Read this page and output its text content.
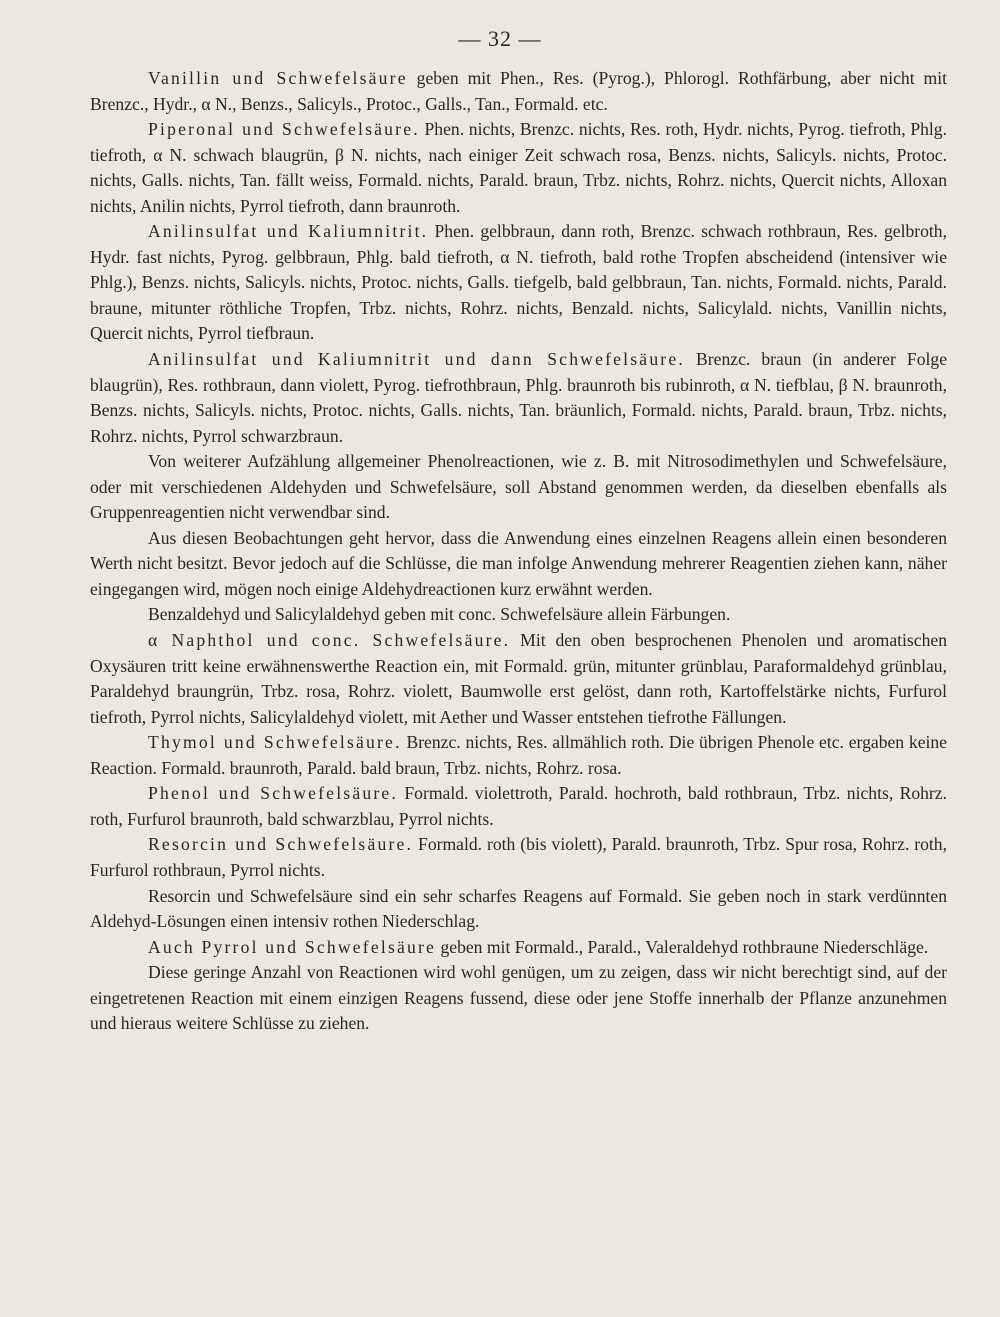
— 32 —

Vanillin und Schwefelsäure geben mit Phen., Res. (Pyrog.), Phlorogl. Rothfärbung, aber nicht mit Brenzc., Hydr., α N., Benzs., Salicyls., Protoc., Galls., Tan., Formald. etc.

Piperonal und Schwefelsäure. Phen. nichts, Brenzc. nichts, Res. roth, Hydr. nichts, Pyrog. tiefroth, Phlg. tiefroth, α N. schwach blaugrün, β N. nichts, nach einiger Zeit schwach rosa, Benzs. nichts, Salicyls. nichts, Protoc. nichts, Galls. nichts, Tan. fällt weiss, Formald. nichts, Parald. braun, Trbz. nichts, Rohrz. nichts, Quercit nichts, Alloxan nichts, Anilin nichts, Pyrrol tiefroth, dann braunroth.

Anilinsulfat und Kaliumnitrit. Phen. gelbbraun, dann roth, Brenzc. schwach rothbraun, Res. gelbroth, Hydr. fast nichts, Pyrog. gelbbraun, Phlg. bald tiefroth, α N. tiefroth, bald rothe Tropfen abscheidend (intensiver wie Phlg.), Benzs. nichts, Salicyls. nichts, Protoc. nichts, Galls. tiefgelb, bald gelbbraun, Tan. nichts, Formald. nichts, Parald. braune, mitunter röthliche Tropfen, Trbz. nichts, Rohrz. nichts, Benzald. nichts, Salicylald. nichts, Vanillin nichts, Quercit nichts, Pyrrol tiefbraun.

Anilinsulfat und Kaliumnitrit und dann Schwefelsäure. Brenzc. braun (in anderer Folge blaugrün), Res. rothbraun, dann violett, Pyrog. tiefrothbraun, Phlg. braunroth bis rubinroth, α N. tiefblau, β N. braunroth, Benzs. nichts, Salicyls. nichts, Protoc. nichts, Galls. nichts, Tan. bräunlich, Formald. nichts, Parald. braun, Trbz. nichts, Rohrz. nichts, Pyrrol schwarzbraun.

Von weiterer Aufzählung allgemeiner Phenolreactionen, wie z. B. mit Nitrosodimethylen und Schwefelsäure, oder mit verschiedenen Aldehyden und Schwefelsäure, soll Abstand genommen werden, da dieselben ebenfalls als Gruppenreagentien nicht verwendbar sind.

Aus diesen Beobachtungen geht hervor, dass die Anwendung eines einzelnen Reagens allein einen besonderen Werth nicht besitzt. Bevor jedoch auf die Schlüsse, die man infolge Anwendung mehrerer Reagentien ziehen kann, näher eingegangen wird, mögen noch einige Aldehydreactionen kurz erwähnt werden.

Benzaldehyd und Salicylaldehyd geben mit conc. Schwefelsäure allein Färbungen.

α Naphthol und conc. Schwefelsäure. Mit den oben besprochenen Phenolen und aromatischen Oxysäuren tritt keine erwähnenswerthe Reaction ein, mit Formald. grün, mitunter grünblau, Paraformaldehyd grünblau, Paraldehyd braungrün, Trbz. rosa, Rohrz. violett, Baumwolle erst gelöst, dann roth, Kartoffelstärke nichts, Furfurol tiefroth, Pyrrol nichts, Salicylaldehyd violett, mit Aether und Wasser entstehen tiefrothe Fällungen.

Thymol und Schwefelsäure. Brenzc. nichts, Res. allmählich roth. Die übrigen Phenole etc. ergaben keine Reaction. Formald. braunroth, Parald. bald braun, Trbz. nichts, Rohrz. rosa.

Phenol und Schwefelsäure. Formald. violettroth, Parald. hochroth, bald rothbraun, Trbz. nichts, Rohrz. roth, Furfurol braunroth, bald schwarzblau, Pyrrol nichts.

Resorcin und Schwefelsäure. Formald. roth (bis violett), Parald. braunroth, Trbz. Spur rosa, Rohrz. roth, Furfurol rothbraun, Pyrrol nichts.

Resorcin und Schwefelsäure sind ein sehr scharfes Reagens auf Formald. Sie geben noch in stark verdünnten Aldehyd-Lösungen einen intensiv rothen Niederschlag.

Auch Pyrrol und Schwefelsäure geben mit Formald., Parald., Valeraldehyd rothbraune Niederschläge.

Diese geringe Anzahl von Reactionen wird wohl genügen, um zu zeigen, dass wir nicht berechtigt sind, auf der eingetretenen Reaction mit einem einzigen Reagens fussend, diese oder jene Stoffe innerhalb der Pflanze anzunehmen und hieraus weitere Schlüsse zu ziehen.
